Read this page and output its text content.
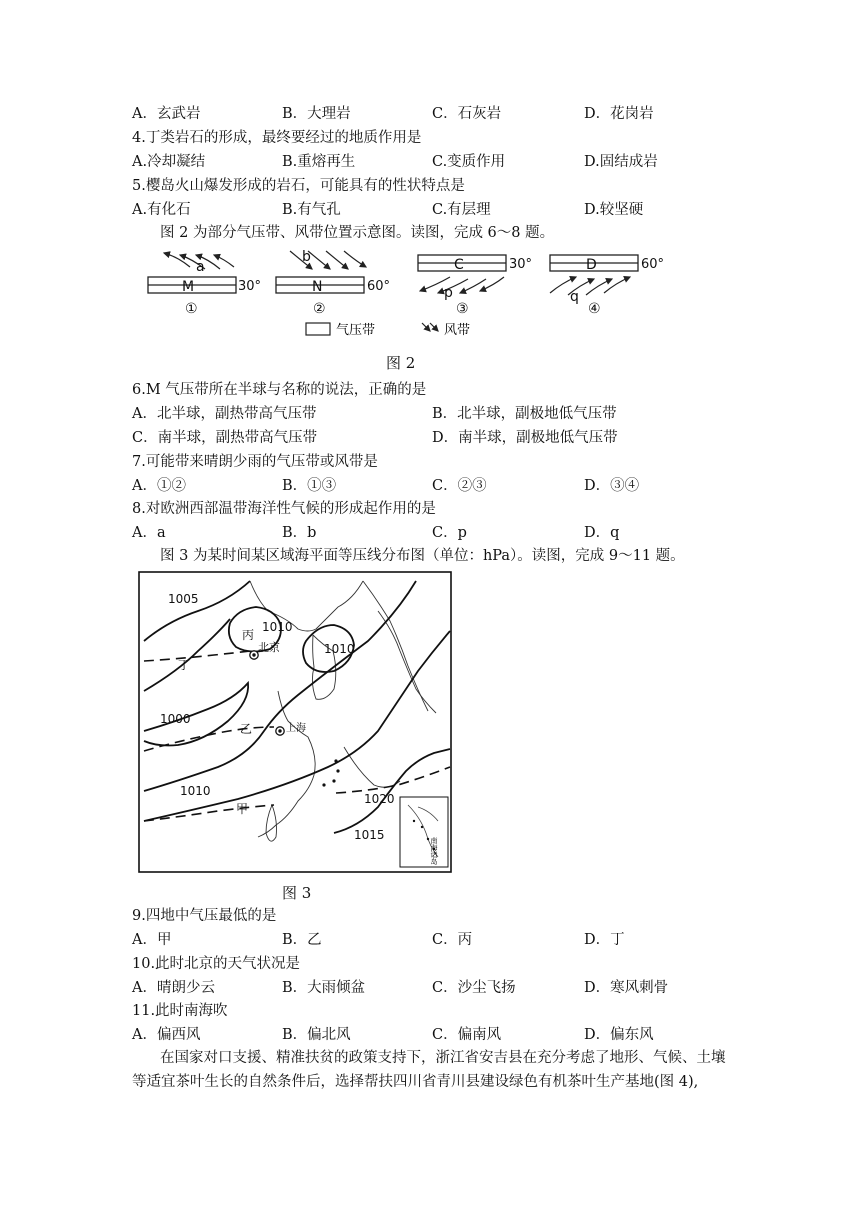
A．玄武岩	B．大理岩	C．石灰岩	D．花岗岩
4.丁类岩石的形成，最终要经过的地质作用是
A.冷却凝结	B.重熔再生	C.变质作用	D.固结成岩
5.樱岛火山爆发形成的岩石，可能具有的性状特点是
A.有化石	B.有气孔	C.有层理	D.较坚硬
图 2 为部分气压带、风带位置示意图。读图，完成 6～8 题。
M	N
C	D
30°	60°
30°	60°
a
b
p	q
①	②	③	④
气压带	风带
图 2
6.M 气压带所在半球与名称的说法，正确的是
A．北半球，副热带高气压带	B．北半球，副极地低气压带
C．南半球，副热带高气压带	D．南半球，副极地低气压带
7.可能带来晴朗少雨的气压带或风带是
A．①②	B．①③	C．②③	D．③④
8.对欧洲西部温带海洋性气候的形成起作用的是
A．a	B．b	C．p	D．q
图 3 为某时间某区域海平面等压线分布图（单位：hPa）。读图，完成 9～11 题。
南海诸岛
1005
1010
1010
1000
1010
1020
1015
丙
北京
丁
乙	上海
甲
图 3
9.四地中气压最低的是
A．甲	B．乙	C．丙	D．丁
10.此时北京的天气状况是
A．晴朗少云	B．大雨倾盆	C．沙尘飞扬	D．寒风刺骨
11.此时南海吹
A．偏西风	B．偏北风	C．偏南风	D．偏东风
在国家对口支援、精准扶贫的政策支持下，浙江省安吉县在充分考虑了地形、气候、土壤等适宜茶叶生长的自然条件后，选择帮扶四川省青川县建设绿色有机茶叶生产基地(图 4),
